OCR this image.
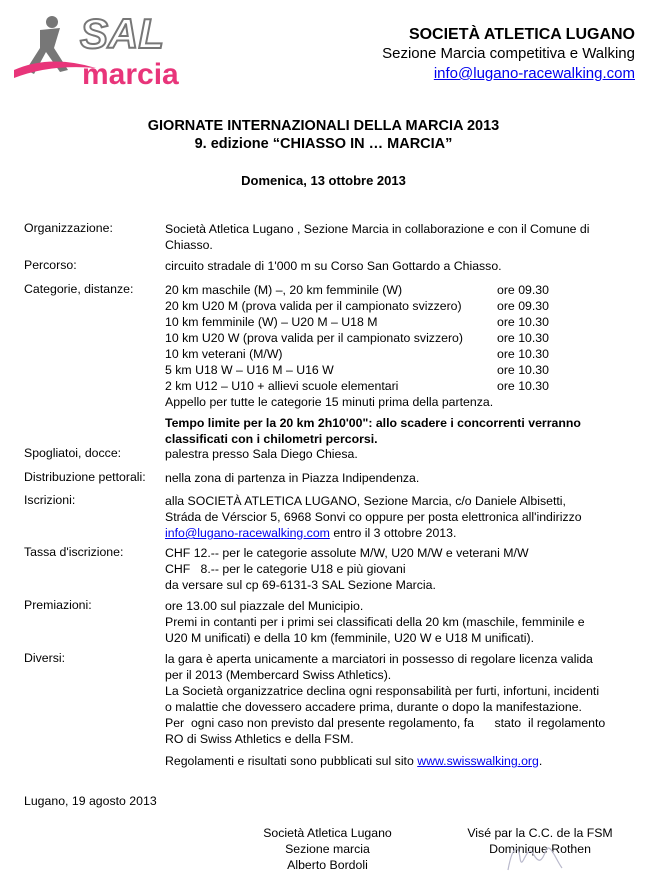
SAL
marcia
SOCIETÀ ATLETICA LUGANO
Sezione Marcia competitiva e Walking
info@lugano-racewalking.com
GIORNATE INTERNAZIONALI DELLA MARCIA 2013
9. edizione “CHIASSO IN … MARCIA”
Domenica, 13 ottobre 2013
Organizzazione:	Società Atletica Lugano , Sezione Marcia in collaborazione e con il Comune di
Chiasso.
Percorso:	circuito stradale di 1'000 m su Corso San Gottardo a Chiasso.
Categorie, distanze:	20 km maschile (M) –, 20 km femminile (W)	ore 09.30
20 km U20 M (prova valida per il campionato svizzero)	ore 09.30
10 km femminile (W) – U20 M – U18 M	ore 10.30
10 km U20 W (prova valida per il campionato svizzero)	ore 10.30
10 km veterani (M/W)	ore 10.30
5 km U18 W – U16 M – U16 W	ore 10.30
2 km U12 – U10 + allievi scuole elementari	ore 10.30
Appello per tutte le categorie 15 minuti prima della partenza.
Tempo limite per la 20 km 2h10'00": allo scadere i concorrenti verranno
classificati con i chilometri percorsi.
Spogliatoi, docce:	palestra presso Sala Diego Chiesa.
Distribuzione pettorali: nella zona di partenza in Piazza Indipendenza.
Iscrizioni:	alla SOCIETÀ ATLETICA LUGANO, Sezione Marcia, c/o Daniele Albisetti,
Stráda de Vérscior 5, 6968 Sonvi co oppure per posta elettronica all'indirizzo
info@lugano-racewalking.com entro il 3 ottobre 2013.
Tassa d'iscrizione:	CHF 12.-- per le categorie assolute M/W, U20 M/W e veterani M/W
CHF   8.-- per le categorie U18 e più giovani
da versare sul cp 69-6131-3 SAL Sezione Marcia.
Premiazioni:	ore 13.00 sul piazzale del Municipio.
Premi in contanti per i primi sei classificati della 20 km (maschile, femminile e
U20 M unificati) e della 10 km (femminile, U20 W e U18 M unificati).
Diversi:	la gara è aperta unicamente a marciatori in possesso di regolare licenza valida
per il 2013 (Membercard Swiss Athletics).
La Società organizzatrice declina ogni responsabilità per furti, infortuni, incidenti
o malattie che dovessero accadere prima, durante o dopo la manifestazione.
Per  ogni caso non previsto dal presente regolamento, fa      stato  il regolamento
RO di Swiss Athletics e della FSM.
Regolamenti e risultati sono pubblicati sul sito www.swisswalking.org.
Lugano, 19 agosto 2013
Società Atletica Lugano
Sezione marcia
Alberto Bordoli
Visé par la C.C. de la FSM
Dominique Rothen
